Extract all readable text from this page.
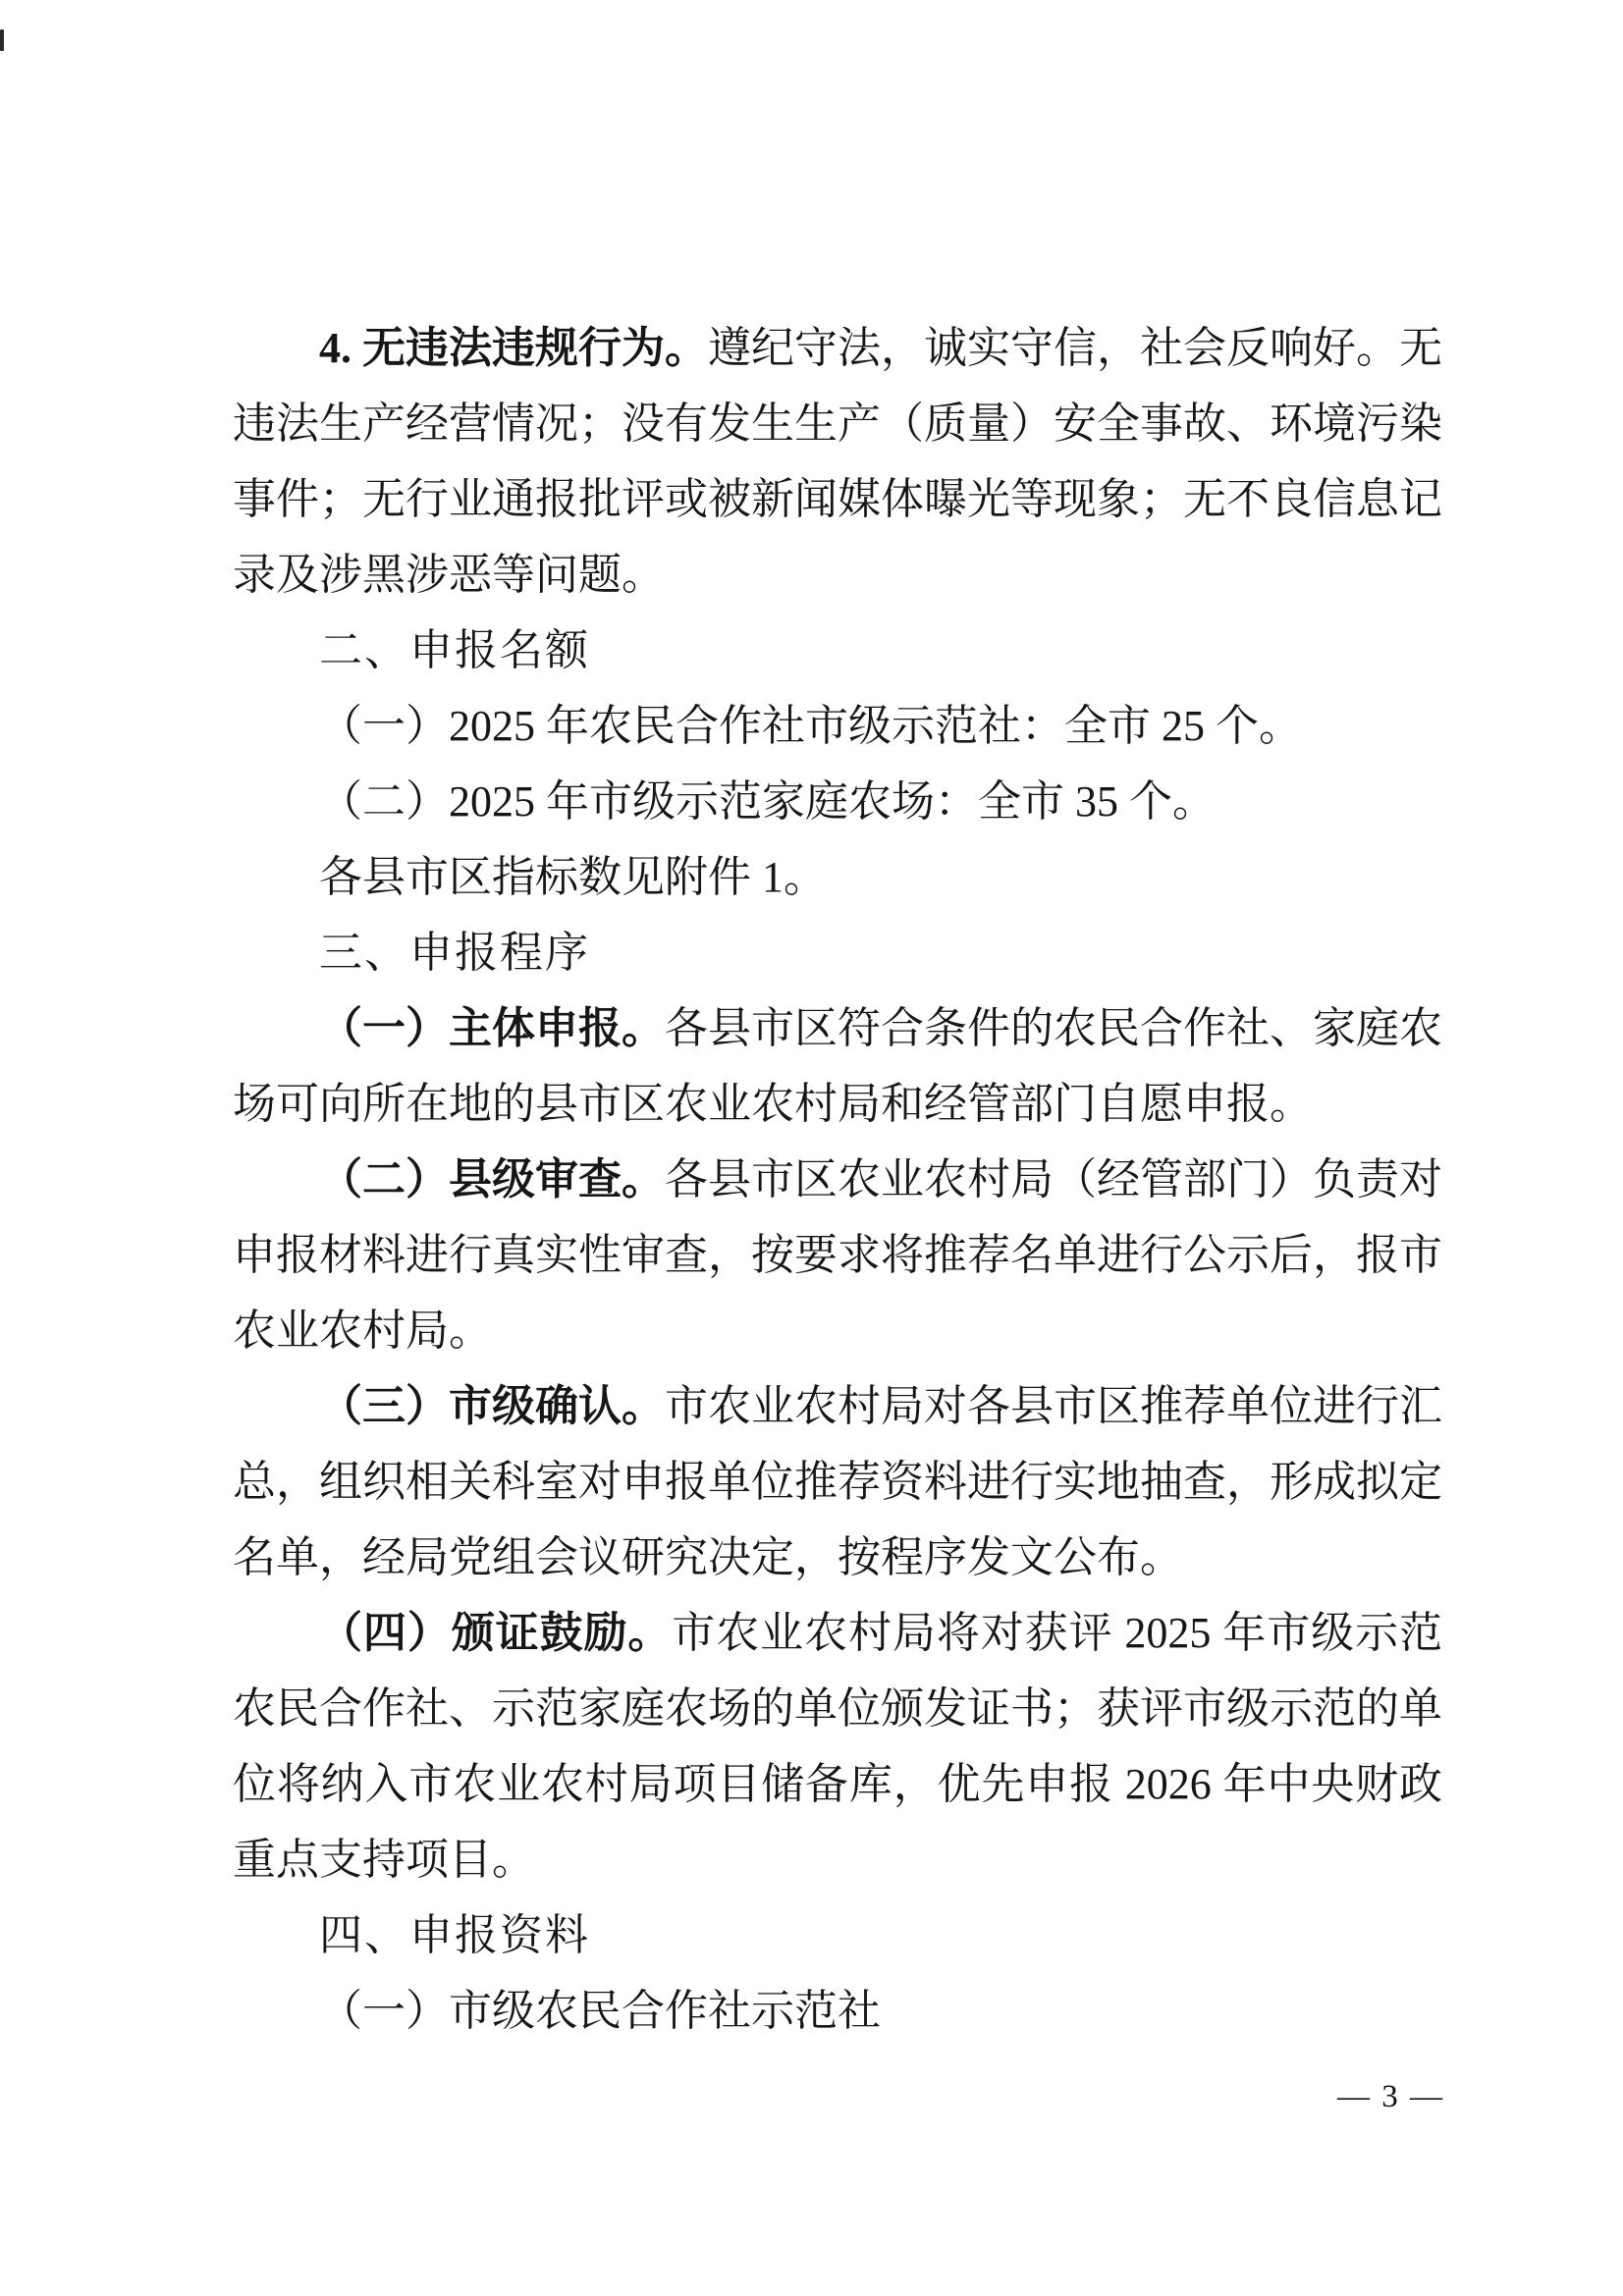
4. 无违法违规行为。遵纪守法，诚实守信，社会反响好。无违法生产经营情况；没有发生生产（质量）安全事故、环境污染事件；无行业通报批评或被新闻媒体曝光等现象；无不良信息记录及涉黑涉恶等问题。

二、申报名额

（一）2025 年农民合作社市级示范社：全市 25 个。

（二）2025 年市级示范家庭农场：全市 35 个。

各县市区指标数见附件 1。

三、申报程序

（一）主体申报。各县市区符合条件的农民合作社、家庭农场可向所在地的县市区农业农村局和经管部门自愿申报。

（二）县级审查。各县市区农业农村局（经管部门）负责对申报材料进行真实性审查，按要求将推荐名单进行公示后，报市农业农村局。

（三）市级确认。市农业农村局对各县市区推荐单位进行汇总，组织相关科室对申报单位推荐资料进行实地抽查，形成拟定名单，经局党组会议研究决定，按程序发文公布。

（四）颁证鼓励。市农业农村局将对获评 2025 年市级示范农民合作社、示范家庭农场的单位颁发证书；获评市级示范的单位将纳入市农业农村局项目储备库，优先申报 2026 年中央财政重点支持项目。

四、申报资料

（一）市级农民合作社示范社

— 3 —
